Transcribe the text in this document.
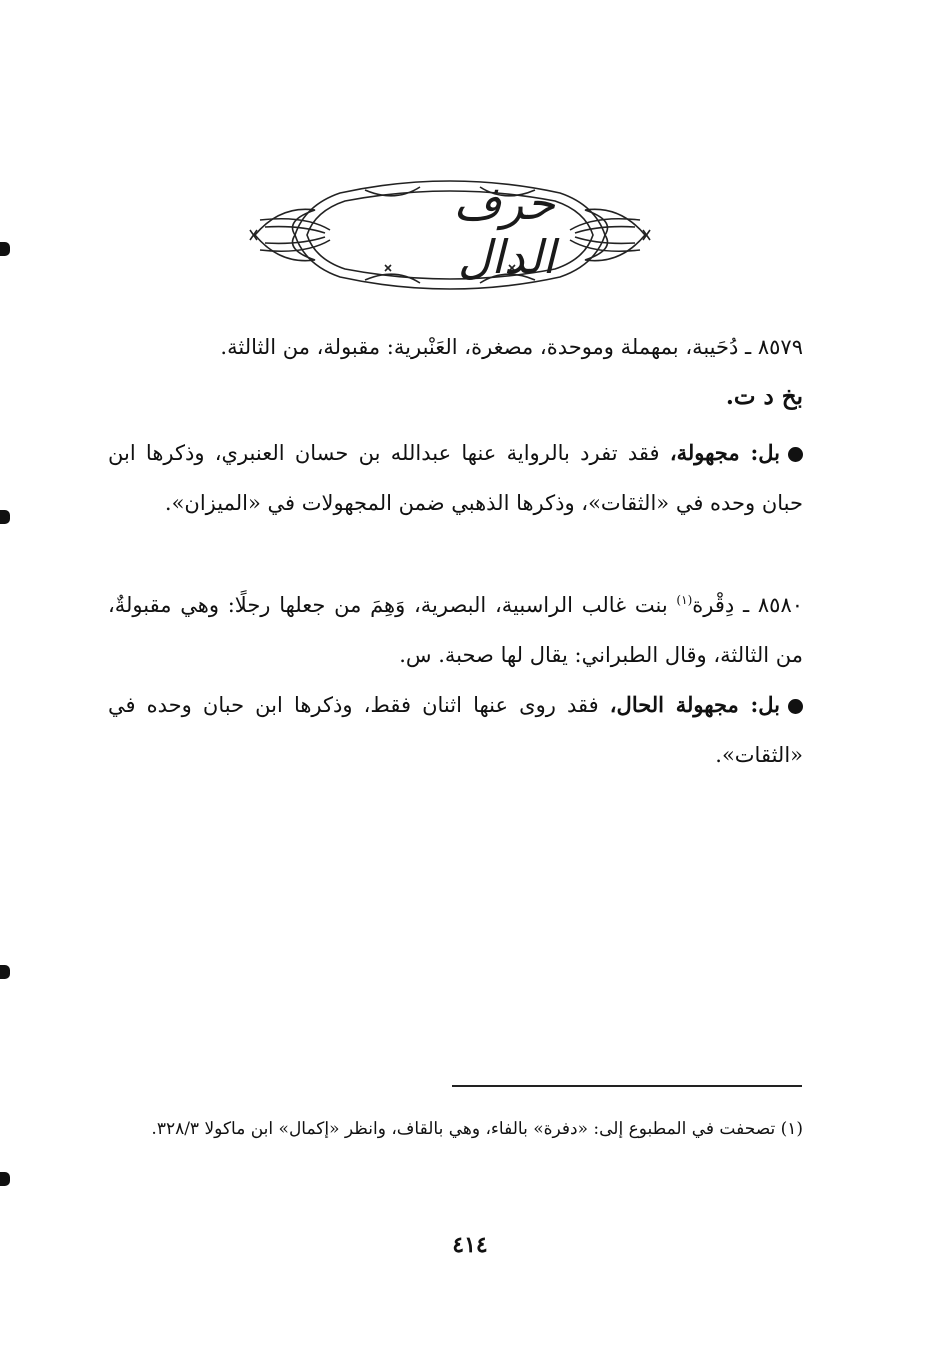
حرف الدال
٨٥٧٩ ـ دُحَيبة، بمهملة وموحدة، مصغرة، العَنْبرية: مقبولة، من الثالثة.
بخ د ت.
بل: مجهولة، فقد تفرد بالرواية عنها عبدالله بن حسان العنبري، وذكرها ابن حبان وحده في «الثقات»، وذكرها الذهبي ضمن المجهولات في «الميزان».
٨٥٨٠ ـ دِقْرة$^{(١)}$ بنت غالب الراسبية، البصرية، وَهِمَ من جعلها رجلًا: وهي مقبولةٌ، من الثالثة، وقال الطبراني: يقال لها صحبة. س.
بل: مجهولة الحال، فقد روى عنها اثنان فقط، وذكرها ابن حبان وحده في «الثقات».
(١) تصحفت في المطبوع إلى: «دفرة» بالفاء، وهي بالقاف، وانظر «إكمال» ابن ماكولا ٣٢٨/٣.
٤١٤
